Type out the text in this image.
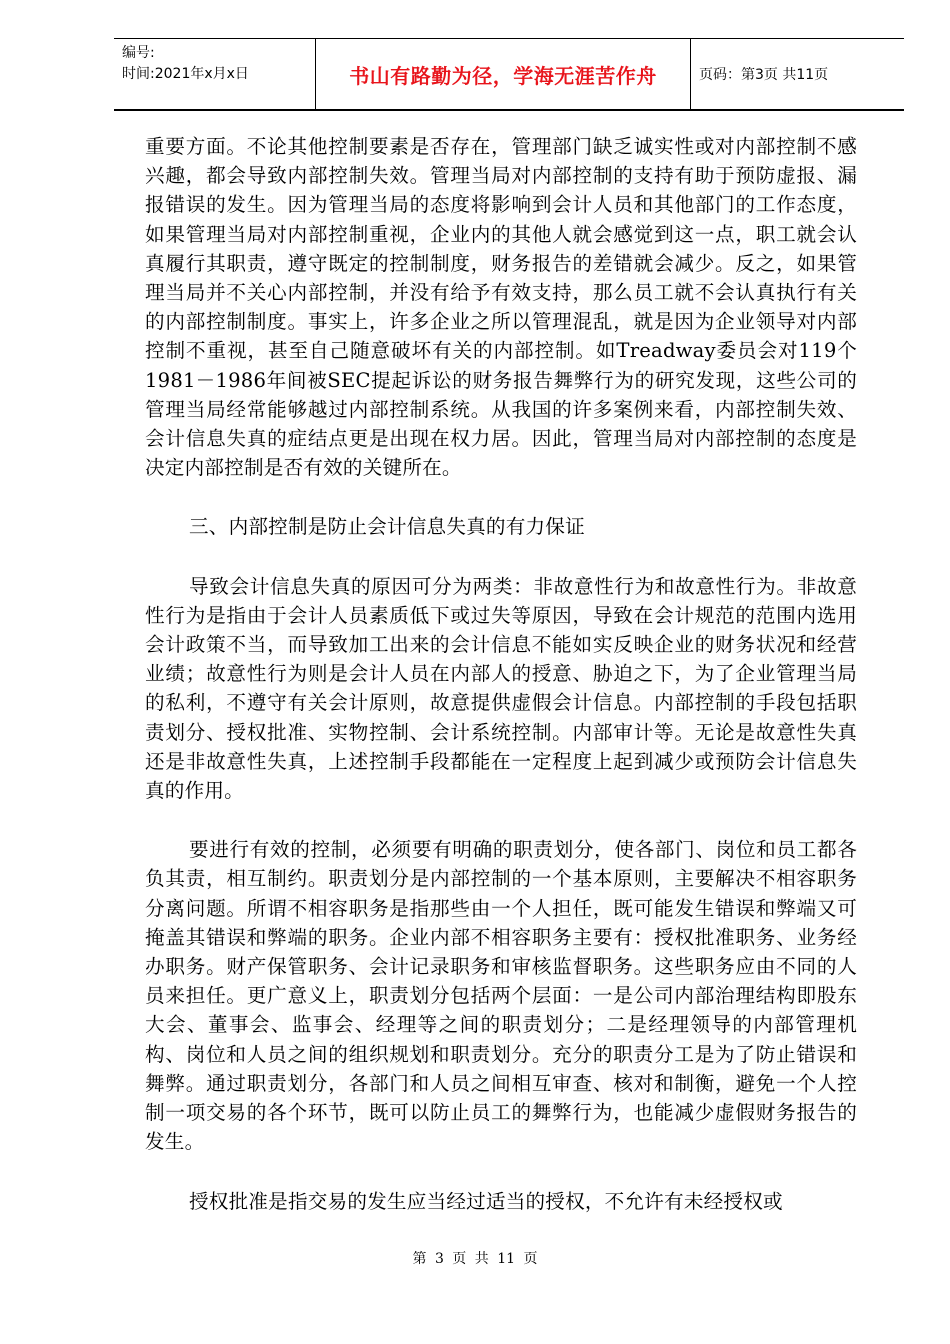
编号:
时间:2021年x月x日	书山有路勤为径，学海无涯苦作舟	页码：第3页 共11页

重要方面。不论其他控制要素是否存在，管理部门缺乏诚实性或对内部控制不感兴趣，都会导致内部控制失效。管理当局对内部控制的支持有助于预防虚报、漏报错误的发生。因为管理当局的态度将影响到会计人员和其他部门的工作态度，如果管理当局对内部控制重视，企业内的其他人就会感觉到这一点，职工就会认真履行其职责，遵守既定的控制制度，财务报告的差错就会减少。反之，如果管理当局并不关心内部控制，并没有给予有效支持，那么员工就不会认真执行有关的内部控制制度。事实上，许多企业之所以管理混乱，就是因为企业领导对内部控制不重视，甚至自己随意破坏有关的内部控制。如Treadway委员会对119个1981－1986年间被SEC提起诉讼的财务报告舞弊行为的研究发现，这些公司的管理当局经常能够越过内部控制系统。从我国的许多案例来看，内部控制失效、会计信息失真的症结点更是出现在权力居。因此，管理当局对内部控制的态度是决定内部控制是否有效的关键所在。

三、内部控制是防止会计信息失真的有力保证

导致会计信息失真的原因可分为两类：非故意性行为和故意性行为。非故意性行为是指由于会计人员素质低下或过失等原因，导致在会计规范的范围内选用会计政策不当，而导致加工出来的会计信息不能如实反映企业的财务状况和经营业绩；故意性行为则是会计人员在内部人的授意、胁迫之下，为了企业管理当局的私利，不遵守有关会计原则，故意提供虚假会计信息。内部控制的手段包括职责划分、授权批准、实物控制、会计系统控制。内部审计等。无论是故意性失真还是非故意性失真，上述控制手段都能在一定程度上起到减少或预防会计信息失真的作用。

要进行有效的控制，必须要有明确的职责划分，使各部门、岗位和员工都各负其责，相互制约。职责划分是内部控制的一个基本原则，主要解决不相容职务分离问题。所谓不相容职务是指那些由一个人担任，既可能发生错误和弊端又可掩盖其错误和弊端的职务。企业内部不相容职务主要有：授权批准职务、业务经办职务。财产保管职务、会计记录职务和审核监督职务。这些职务应由不同的人员来担任。更广意义上，职责划分包括两个层面：一是公司内部治理结构即股东大会、董事会、监事会、经理等之间的职责划分；二是经理领导的内部管理机构、岗位和人员之间的组织规划和职责划分。充分的职责分工是为了防止错误和舞弊。通过职责划分，各部门和人员之间相互审查、核对和制衡，避免一个人控制一项交易的各个环节，既可以防止员工的舞弊行为，也能减少虚假财务报告的发生。

授权批准是指交易的发生应当经过适当的授权，不允许有未经授权或

第 3 页 共 11 页
